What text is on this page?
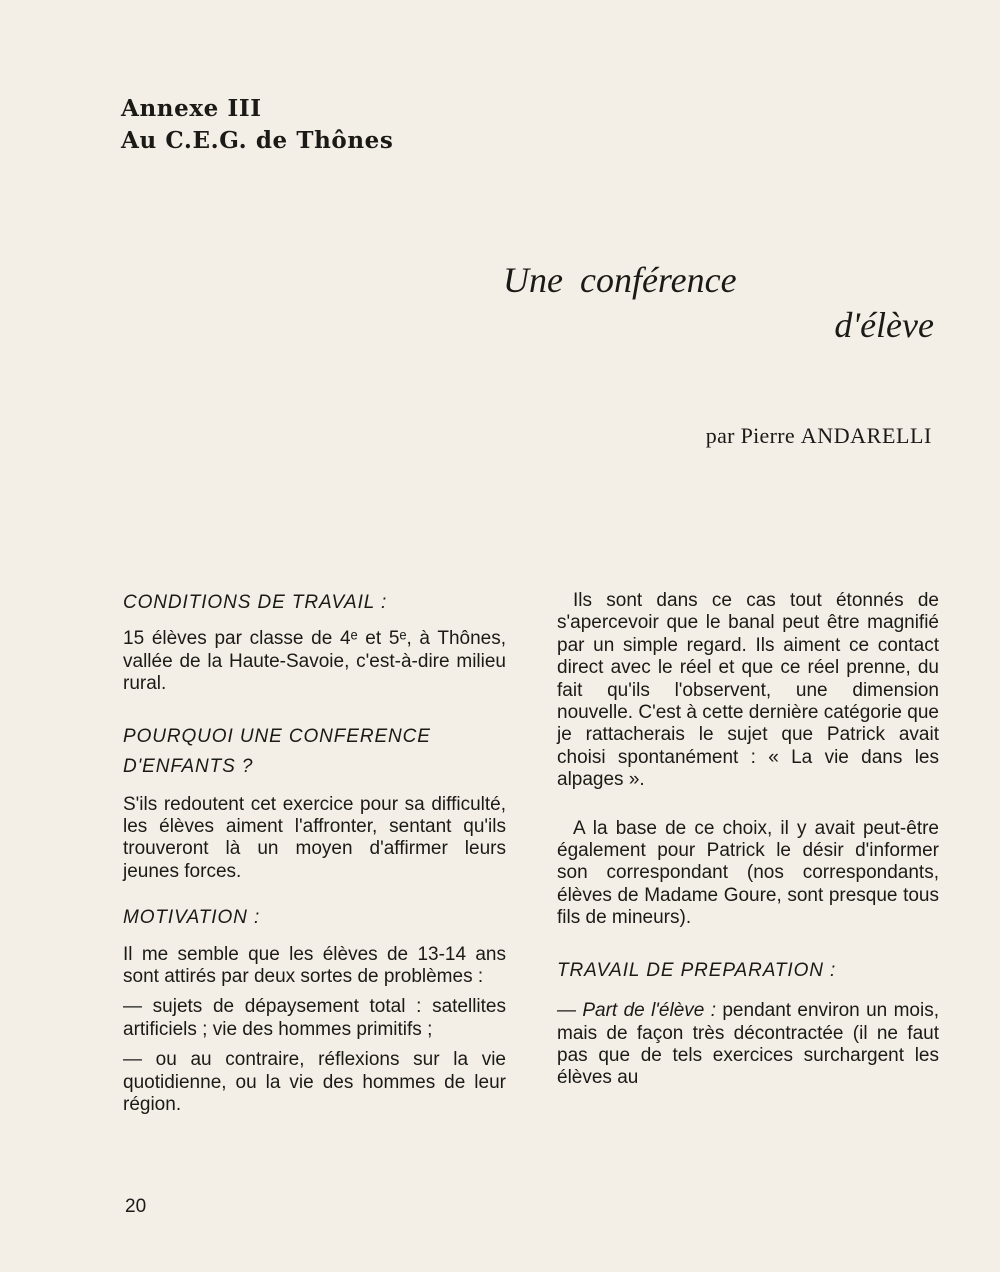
Annexe III
Au C.E.G. de Thônes
Une conférence
d'élève
par Pierre ANDARELLI

CONDITIONS DE TRAVAIL :

15 élèves par classe de 4ᵉ et 5ᵉ, à Thônes, vallée de la Haute-Savoie, c'est-à-dire milieu rural.

POURQUOI UNE CONFERENCE D'ENFANTS ?

S'ils redoutent cet exercice pour sa difficulté, les élèves aiment l'affronter, sentant qu'ils trouveront là un moyen d'affirmer leurs jeunes forces.

MOTIVATION :

Il me semble que les élèves de 13-14 ans sont attirés par deux sortes de problèmes :

— sujets de dépaysement total : satellites artificiels ; vie des hommes primitifs ;

— ou au contraire, réflexions sur la vie quotidienne, ou la vie des hommes de leur région.

Ils sont dans ce cas tout étonnés de s'apercevoir que le banal peut être magnifié par un simple regard. Ils aiment ce contact direct avec le réel et que ce réel prenne, du fait qu'ils l'observent, une dimension nouvelle. C'est à cette dernière catégorie que je rattacherais le sujet que Patrick avait choisi spontanément : « La vie dans les alpages ».

A la base de ce choix, il y avait peut-être également pour Patrick le désir d'informer son correspondant (nos correspondants, élèves de Madame Goure, sont presque tous fils de mineurs).

TRAVAIL DE PREPARATION :

— Part de l'élève : pendant environ un mois, mais de façon très décontractée (il ne faut pas que de tels exercices surchargent les élèves au

20
